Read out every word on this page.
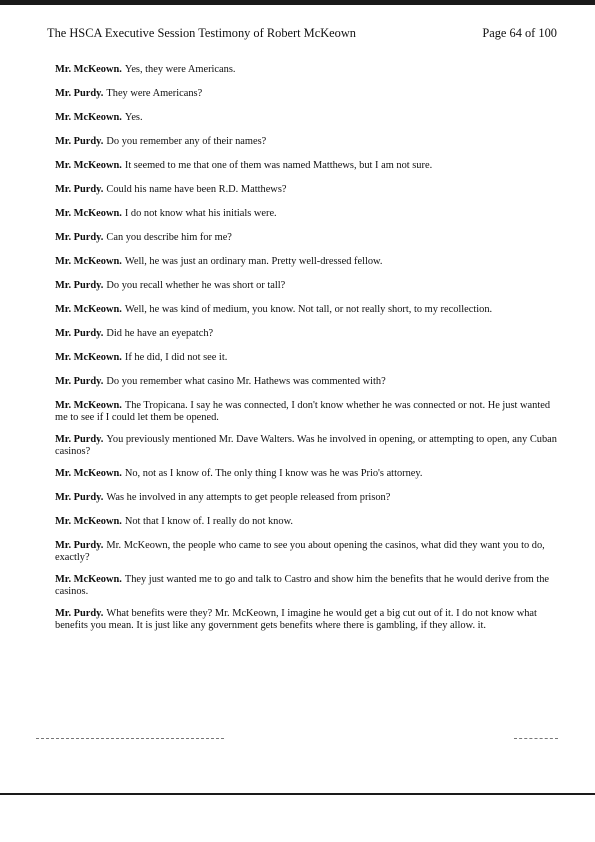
The HSCA Executive Session Testimony of Robert McKeown	Page 64 of 100

Mr. McKeown. Yes, they were Americans.

Mr. Purdy. They were Americans?

Mr. McKeown. Yes.

Mr. Purdy. Do you remember any of their names?

Mr. McKeown. It seemed to me that one of them was named Matthews, but I am not sure.

Mr. Purdy. Could his name have been R.D. Matthews?

Mr. McKeown. I do not know what his initials were.

Mr. Purdy. Can you describe him for me?

Mr. McKeown. Well, he was just an ordinary man. Pretty well-dressed fellow.

Mr. Purdy. Do you recall whether he was short or tall?

Mr. McKeown. Well, he was kind of medium, you know. Not tall, or not really short, to my recollection.

Mr. Purdy. Did he have an eyepatch?

Mr. McKeown. If he did, I did not see it.

Mr. Purdy. Do you remember what casino Mr. Hathews was commented with?

Mr. McKeown. The Tropicana. I say he was connected, I don't know whether he was connected or not. He just wanted me to see if I could let them be opened.

Mr. Purdy. You previously mentioned Mr. Dave Walters. Was he involved in opening, or attempting to open, any Cuban casinos?

Mr. McKeown. No, not as I know of. The only thing I know was he was Prio's attorney.

Mr. Purdy. Was he involved in any attempts to get people released from prison?

Mr. McKeown. Not that I know of. I really do not know.

Mr. Purdy. Mr. McKeown, the people who came to see you about opening the casinos, what did they want you to do, exactly?

Mr. McKeown. They just wanted me to go and talk to Castro and show him the benefits that he would derive from the casinos.

Mr. Purdy. What benefits were they? Mr. McKeown, I imagine he would get a big cut out of it. I do not know what benefits you mean. It is just like any government gets benefits where there is gambling, if they allow. it.
